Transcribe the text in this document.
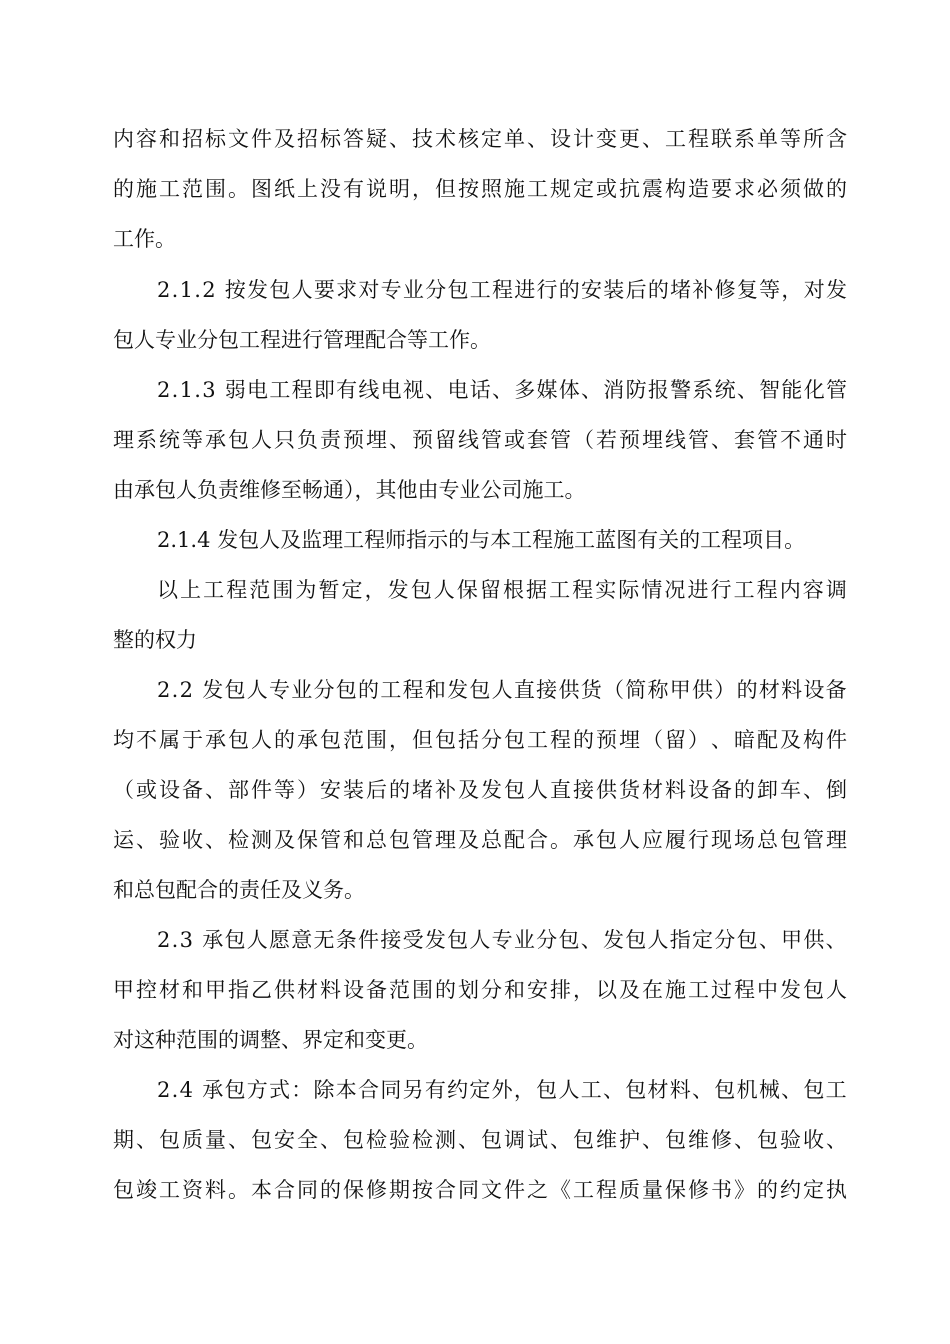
内 容 和 招 标 文 件 及 招 标 答 疑 、 技 术 核 定 单 、 设 计 变 更 、 工 程 联 系 单 等 所 含
的 施 工 范 围 。 图 纸 上 没 有 说 明 ， 但 按 照 施 工 规 定 或 抗 震 构 造 要 求 必 须 做 的
工作。
2 . 1 . 2
按 发 包 人 要 求 对 专 业 分 包 工 程 进 行 的 安 装 后 的 堵 补 修 复 等 ， 对 发
包人专业分包工程进行管理配合等工作。
2 . 1 . 3
弱 电 工 程 即 有 线 电 视 、 电 话 、 多 媒 体 、 消 防 报 警 系 统 、 智 能 化 管
理 系 统 等 承 包 人 只 负 责 预 埋 、 预 留 线 管 或 套 管 （ 若 预 埋 线 管 、 套 管 不 通 时
由承包人负责维修至畅通），其他由专业公司施工。
2.1.4 发包人及监理工程师指示的与本工程施工蓝图有关的工程项目。
以 上 工 程 范 围 为 暂 定 ， 发 包 人 保 留 根 据 工 程 实 际 情 况 进 行 工 程 内 容 调
整的权力
2 . 2
发 包 人 专 业 分 包 的 工 程 和 发 包 人 直 接 供 货 （ 简 称 甲 供 ） 的 材 料 设 备
均 不 属 于 承 包 人 的 承 包 范 围 ， 但 包 括 分 包 工 程 的 预 埋 （ 留 ） 、 暗 配 及 构 件
（ 或 设 备 、 部 件 等 ） 安 装 后 的 堵 补 及 发 包 人 直 接 供 货 材 料 设 备 的 卸 车 、 倒
运 、 验 收 、 检 测 及 保 管 和 总 包 管 理 及 总 配 合 。 承 包 人 应 履 行 现 场 总 包 管 理
和总包配合的责任及义务。
2 . 3
承 包 人 愿 意 无 条 件 接 受 发 包 人 专 业 分 包 、 发 包 人 指 定 分 包 、 甲 供 、
甲 控 材 和 甲 指 乙 供 材 料 设 备 范 围 的 划 分 和 安 排 ， 以 及 在 施 工 过 程 中 发 包 人
对这种范围的调整、界定和变更。
2 . 4
承 包 方 式 ： 除 本 合 同 另 有 约 定 外 ， 包 人 工 、 包 材 料 、 包 机 械 、 包 工
期 、 包 质 量 、 包 安 全 、 包 检 验 检 测 、 包 调 试 、 包 维 护 、 包 维 修 、 包 验 收 、
包 竣 工 资 料 。 本 合 同 的 保 修 期 按 合 同 文 件 之 《 工 程 质 量 保 修 书 》 的 约 定 执
